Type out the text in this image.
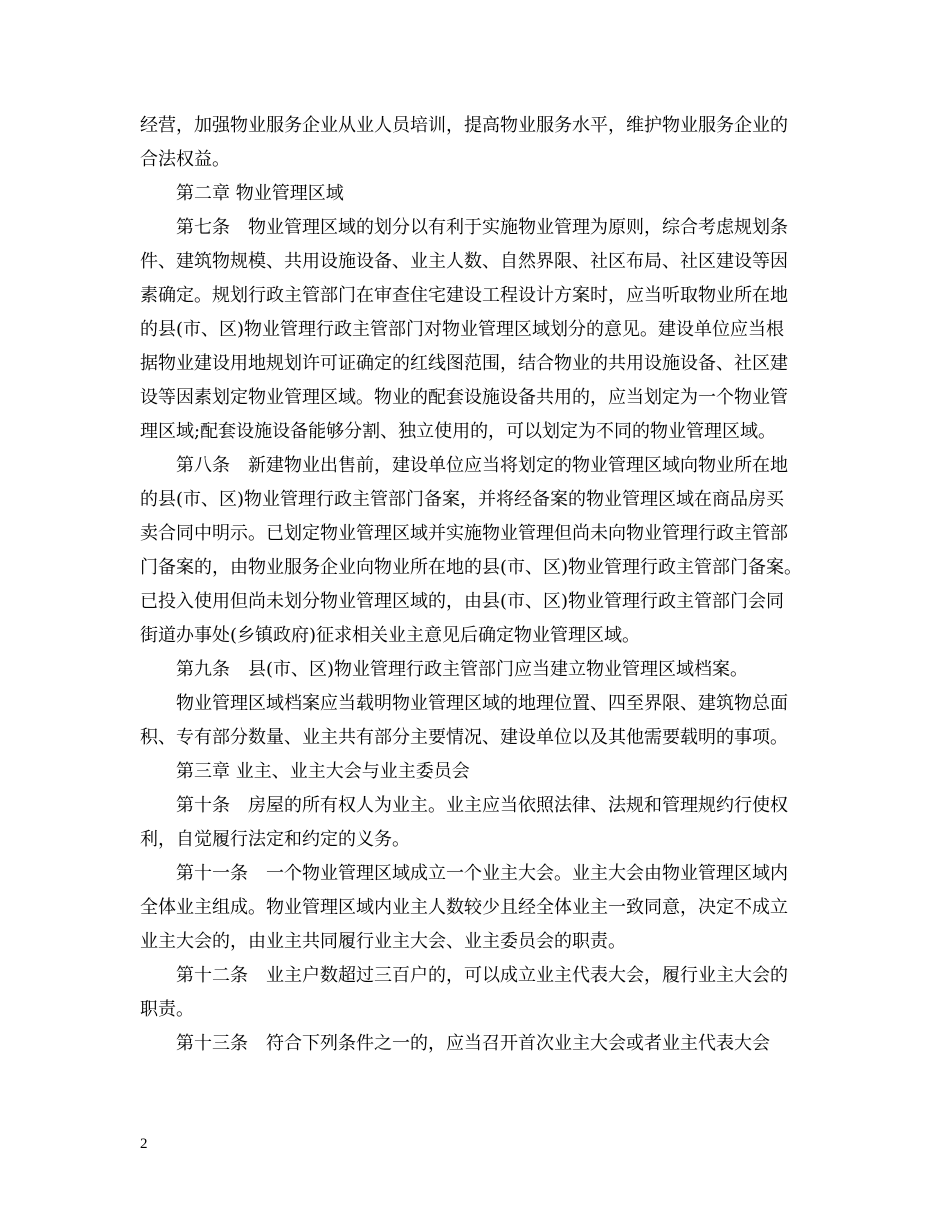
经营，加强物业服务企业从业人员培训，提高物业服务水平，维护物业服务企业的
合法权益。
　　第二章 物业管理区域
　　第七条　物业管理区域的划分以有利于实施物业管理为原则，综合考虑规划条
件、建筑物规模、共用设施设备、业主人数、自然界限、社区布局、社区建设等因
素确定。规划行政主管部门在审查住宅建设工程设计方案时，应当听取物业所在地
的县(市、区)物业管理行政主管部门对物业管理区域划分的意见。建设单位应当根
据物业建设用地规划许可证确定的红线图范围，结合物业的共用设施设备、社区建
设等因素划定物业管理区域。物业的配套设施设备共用的，应当划定为一个物业管
理区域;配套设施设备能够分割、独立使用的，可以划定为不同的物业管理区域。
　　第八条　新建物业出售前，建设单位应当将划定的物业管理区域向物业所在地
的县(市、区)物业管理行政主管部门备案，并将经备案的物业管理区域在商品房买
卖合同中明示。已划定物业管理区域并实施物业管理但尚未向物业管理行政主管部
门备案的，由物业服务企业向物业所在地的县(市、区)物业管理行政主管部门备案。
已投入使用但尚未划分物业管理区域的，由县(市、区)物业管理行政主管部门会同
街道办事处(乡镇政府)征求相关业主意见后确定物业管理区域。
　　第九条　县(市、区)物业管理行政主管部门应当建立物业管理区域档案。
　　物业管理区域档案应当载明物业管理区域的地理位置、四至界限、建筑物总面
积、专有部分数量、业主共有部分主要情况、建设单位以及其他需要载明的事项。
　　第三章 业主、业主大会与业主委员会
　　第十条　房屋的所有权人为业主。业主应当依照法律、法规和管理规约行使权
利，自觉履行法定和约定的义务。
　　第十一条　一个物业管理区域成立一个业主大会。业主大会由物业管理区域内
全体业主组成。物业管理区域内业主人数较少且经全体业主一致同意，决定不成立
业主大会的，由业主共同履行业主大会、业主委员会的职责。
　　第十二条　业主户数超过三百户的，可以成立业主代表大会，履行业主大会的
职责。
　　第十三条　符合下列条件之一的，应当召开首次业主大会或者业主代表大会
2
